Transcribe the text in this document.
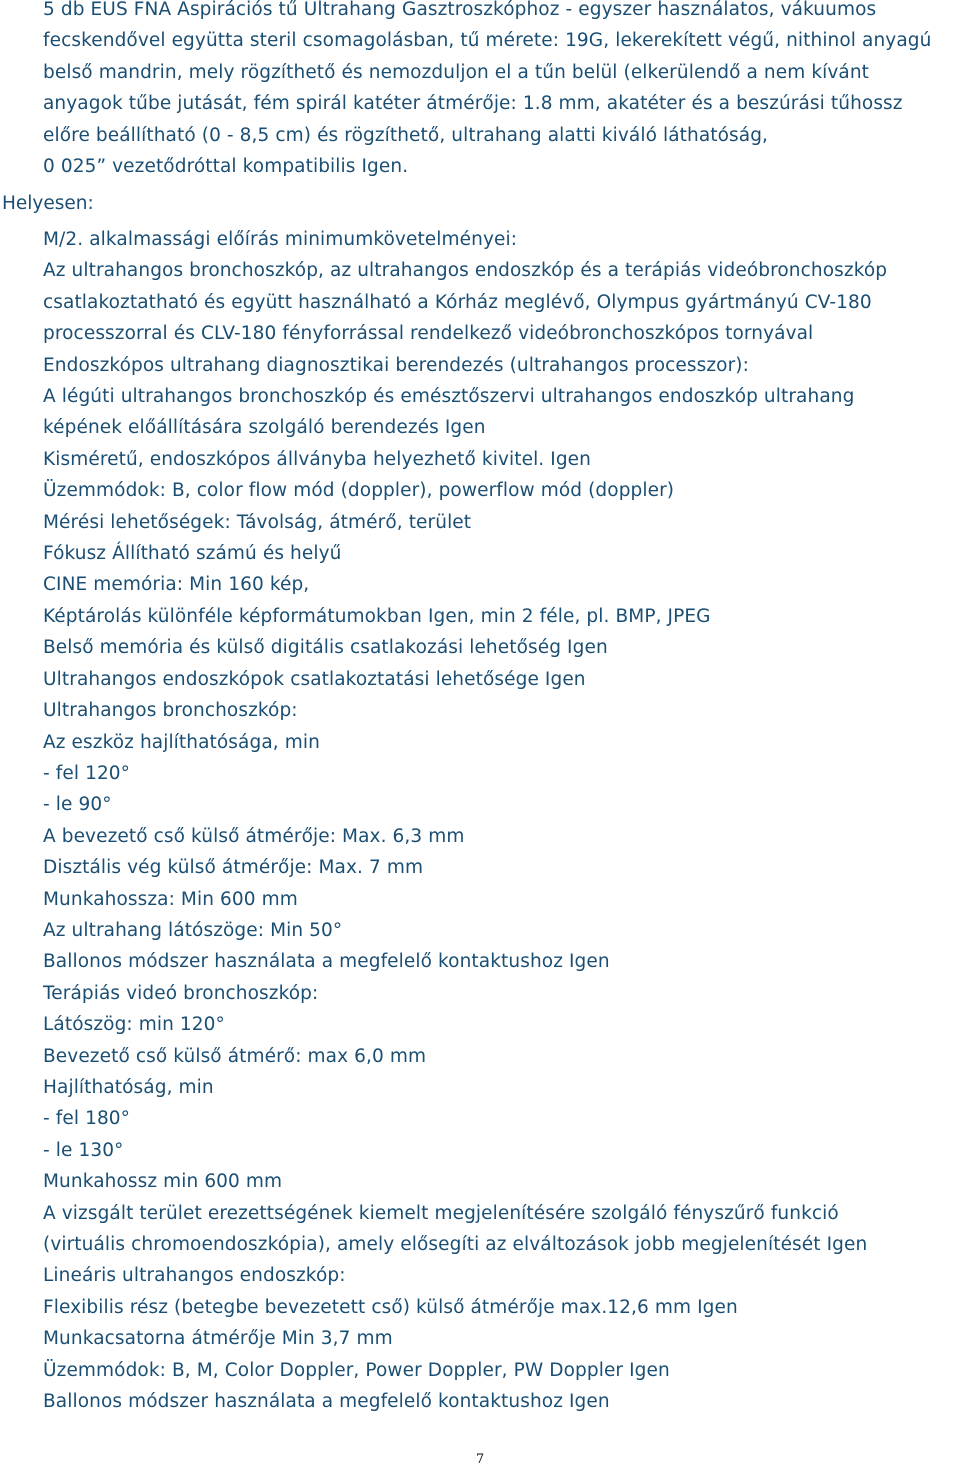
5 db EUS FNA Aspirációs tű Ultrahang Gasztroszkóphoz - egyszer használatos, vákuumos
fecskendővel együtta steril csomagolásban, tű mérete: 19G, lekerekített végű, nithinol anyagú
belső mandrin, mely rögzíthető és nemozduljon el a tűn belül (elkerülendő a nem kívánt
anyagok tűbe jutását, fém spirál katéter átmérője: 1.8 mm, akatéter és a beszúrási tűhossz
előre beállítható (0 - 8,5 cm) és rögzíthető, ultrahang alatti kiváló láthatóság,
0 025” vezetődróttal kompatibilis Igen.
Helyesen:
M/2. alkalmassági előírás minimumkövetelményei:
Az ultrahangos bronchoszkóp, az ultrahangos endoszkóp és a terápiás videóbronchoszkóp
csatlakoztatható és együtt használható a Kórház meglévő, Olympus gyártmányú CV-180
processzorral és CLV-180 fényforrással rendelkező videóbronchoszkópos tornyával
Endoszkópos ultrahang diagnosztikai berendezés (ultrahangos processzor):
A légúti ultrahangos bronchoszkóp és emésztőszervi ultrahangos endoszkóp ultrahang
képének előállítására szolgáló berendezés Igen
Kisméretű, endoszkópos állványba helyezhető kivitel. Igen
Üzemmódok: B, color flow mód (doppler), powerflow mód (doppler)
Mérési lehetőségek: Távolság, átmérő, terület
Fókusz Állítható számú és helyű
CINE memória: Min 160 kép,
Képtárolás különféle képformátumokban Igen, min 2 féle, pl. BMP, JPEG
Belső memória és külső digitális csatlakozási lehetőség Igen
Ultrahangos endoszkópok csatlakoztatási lehetősége Igen
Ultrahangos bronchoszkóp:
Az eszköz hajlíthatósága, min
- fel 120°
- le 90°
A bevezető cső külső átmérője: Max. 6,3 mm
Disztális vég külső átmérője: Max. 7 mm
Munkahossza: Min 600 mm
Az ultrahang látószöge: Min 50°
Ballonos módszer használata a megfelelő kontaktushoz Igen
Terápiás videó bronchoszkóp:
Látószög: min 120°
Bevezető cső külső átmérő: max 6,0 mm
Hajlíthatóság, min
- fel 180°
- le 130°
Munkahossz min 600 mm
A vizsgált terület erezettségének kiemelt megjelenítésére szolgáló fényszűrő funkció
(virtuális chromoendoszkópia), amely elősegíti az elváltozások jobb megjelenítését Igen
Lineáris ultrahangos endoszkóp:
Flexibilis rész (betegbe bevezetett cső) külső átmérője max.12,6 mm Igen
Munkacsatorna átmérője Min 3,7 mm
Üzemmódok: B, M, Color Doppler, Power Doppler, PW Doppler Igen
Ballonos módszer használata a megfelelő kontaktushoz Igen
7
